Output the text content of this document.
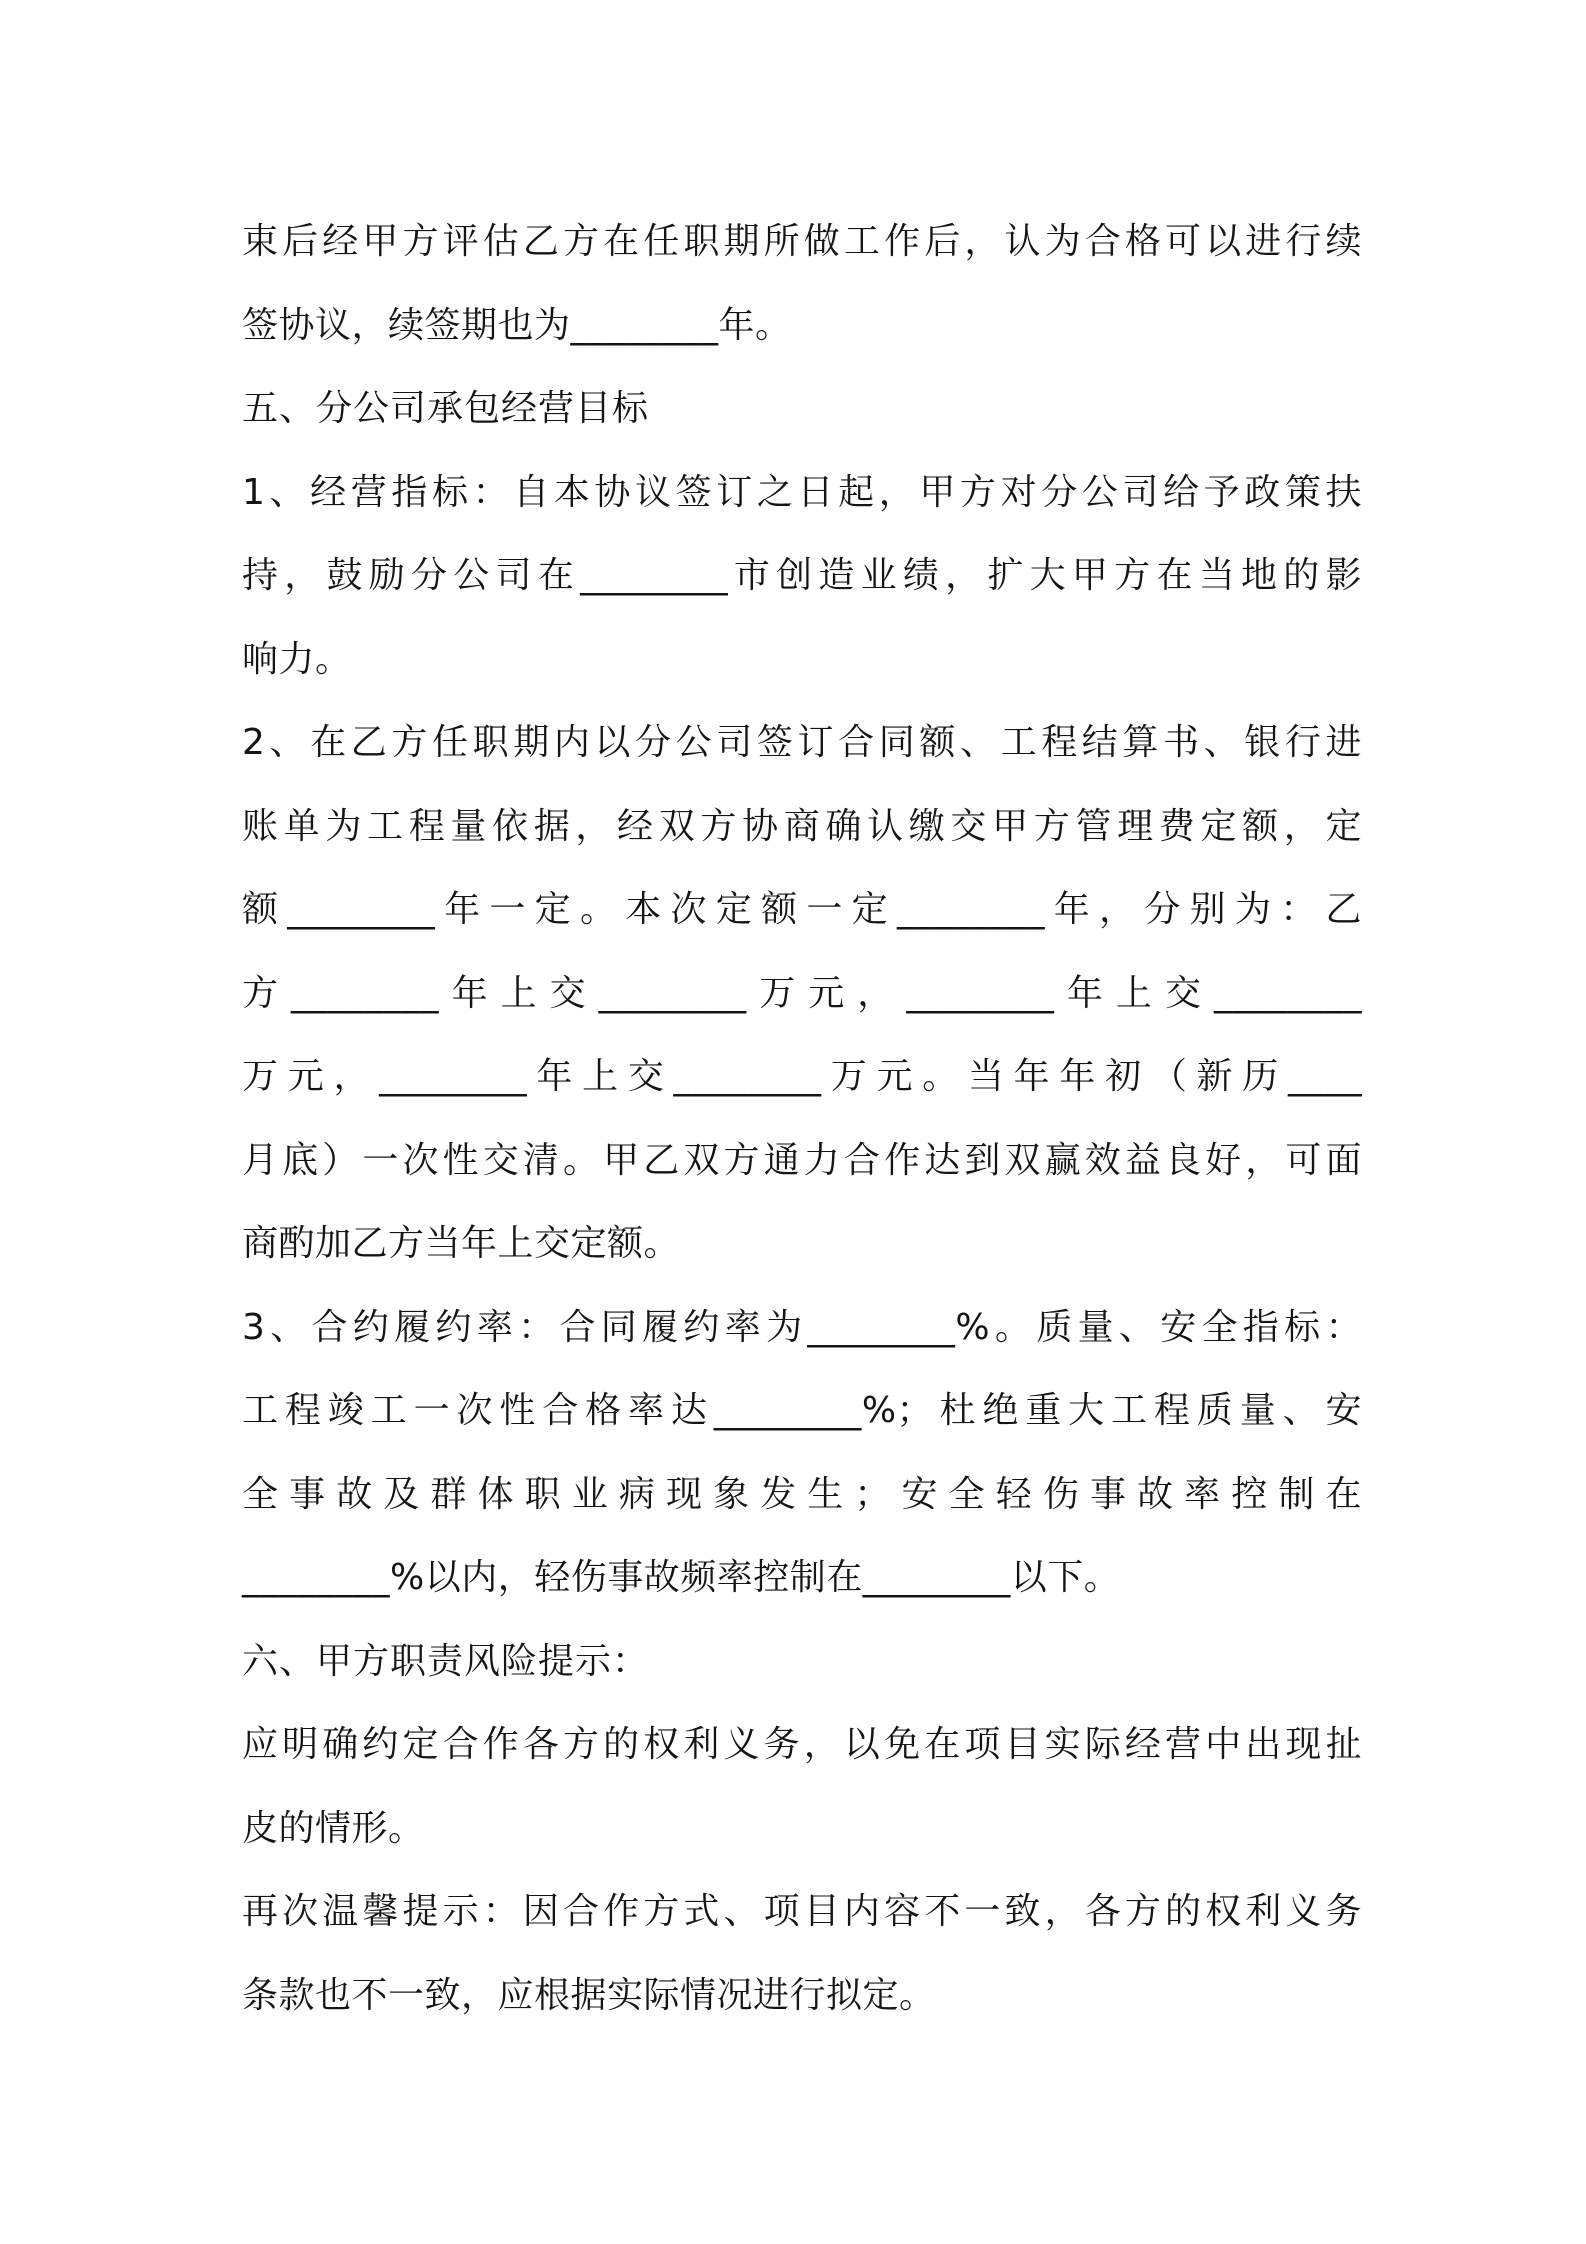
束后经甲方评估乙方在任职期所做工作后，认为合格可以进行续
签协议，续签期也为________年。
五、分公司承包经营目标
1、经营指标：自本协议签订之日起，甲方对分公司给予政策扶
持，鼓励分公司在________市创造业绩，扩大甲方在当地的影
响力。
2、在乙方任职期内以分公司签订合同额、工程结算书、银行进
账单为工程量依据，经双方协商确认缴交甲方管理费定额，定
额________年一定。本次定额一定________年，分别为：乙
方________年上交________万元，________年上交________
万元，________年上交________万元。当年年初（新历____
月底）一次性交清。甲乙双方通力合作达到双赢效益良好，可面
商酌加乙方当年上交定额。
3、合约履约率：合同履约率为________%。质量、安全指标：
工程竣工一次性合格率达________%；杜绝重大工程质量、安
全事故及群体职业病现象发生；安全轻伤事故率控制在
________%以内，轻伤事故频率控制在________以下。
六、甲方职责风险提示：
应明确约定合作各方的权利义务，以免在项目实际经营中出现扯
皮的情形。
再次温馨提示：因合作方式、项目内容不一致，各方的权利义务
条款也不一致，应根据实际情况进行拟定。
